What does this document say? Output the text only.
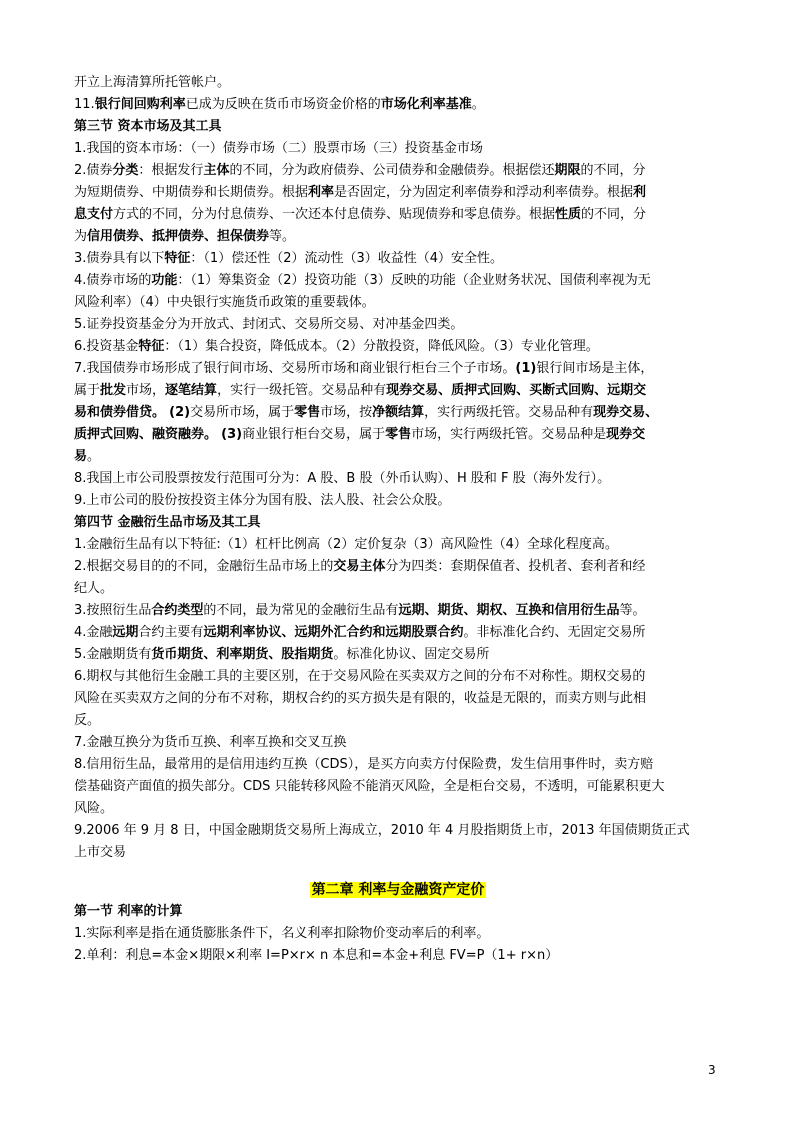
开立上海清算所托管帐户。

11.银行间回购利率已成为反映在货币市场资金价格的市场化利率基准。

第三节 资本市场及其工具

1.我国的资本市场：（一）债券市场（二）股票市场（三）投资基金市场

2.债券分类：根据发行主体的不同，分为政府债券、公司债券和金融债券。根据偿还期限的不同，分

为短期债券、中期债券和长期债券。根据利率是否固定，分为固定利率债券和浮动利率债券。根据利

息支付方式的不同，分为付息债券、一次还本付息债券、贴现债券和零息债券。根据性质的不同，分

为信用债券、抵押债券、担保债券等。

3.债券具有以下特征：（1）偿还性（2）流动性（3）收益性（4）安全性。

4.债券市场的功能：（1）筹集资金（2）投资功能（3）反映的功能（企业财务状况、国债利率视为无

风险利率）（4）中央银行实施货币政策的重要载体。

5.证券投资基金分为开放式、封闭式、交易所交易、对冲基金四类。

6.投资基金特征：（1）集合投资，降低成本。（2）分散投资，降低风险。（3）专业化管理。

7.我国债券市场形成了银行间市场、交易所市场和商业银行柜台三个子市场。(1)银行间市场是主体，

属于批发市场，逐笔结算，实行一级托管。交易品种有现券交易、质押式回购、买断式回购、远期交

易和债券借贷。 (2)交易所市场，属于零售市场，按净额结算，实行两级托管。交易品种有现券交易、

质押式回购、融资融券。 (3)商业银行柜台交易，属于零售市场，实行两级托管。交易品种是现券交

易。

8.我国上市公司股票按发行范围可分为：A 股、B 股（外币认购）、H 股和 F 股（海外发行）。

9.上市公司的股份按投资主体分为国有股、法人股、社会公众股。

第四节 金融衍生品市场及其工具

1.金融衍生品有以下特征:（1）杠杆比例高（2）定价复杂（3）高风险性（4）全球化程度高。

2.根据交易目的的不同，金融衍生品市场上的交易主体分为四类：套期保值者、投机者、套利者和经

纪人。

3.按照衍生品合约类型的不同，最为常见的金融衍生品有远期、期货、期权、互换和信用衍生品等。

4.金融远期合约主要有远期利率协议、远期外汇合约和远期股票合约。非标准化合约、无固定交易所

5.金融期货有货币期货、利率期货、股指期货。标准化协议、固定交易所

6.期权与其他衍生金融工具的主要区别，在于交易风险在买卖双方之间的分布不对称性。期权交易的

风险在买卖双方之间的分布不对称，期权合约的买方损失是有限的，收益是无限的，而卖方则与此相

反。

7.金融互换分为货币互换、利率互换和交叉互换

8.信用衍生品，最常用的是信用违约互换（CDS），是买方向卖方付保险费，发生信用事件时，卖方赔

偿基础资产面值的损失部分。CDS 只能转移风险不能消灭风险，全是柜台交易，不透明，可能累积更大

风险。

9.2006 年 9 月 8 日，中国金融期货交易所上海成立，2010 年 4 月股指期货上市，2013 年国债期货正式

上市交易

第二章 利率与金融资产定价

第一节 利率的计算

1.实际利率是指在通货膨胀条件下，名义利率扣除物价变动率后的利率。

2.单利：利息=本金×期限×利率 I=P×r× n 本息和=本金+利息 FV=P（1+ r×n）

3
